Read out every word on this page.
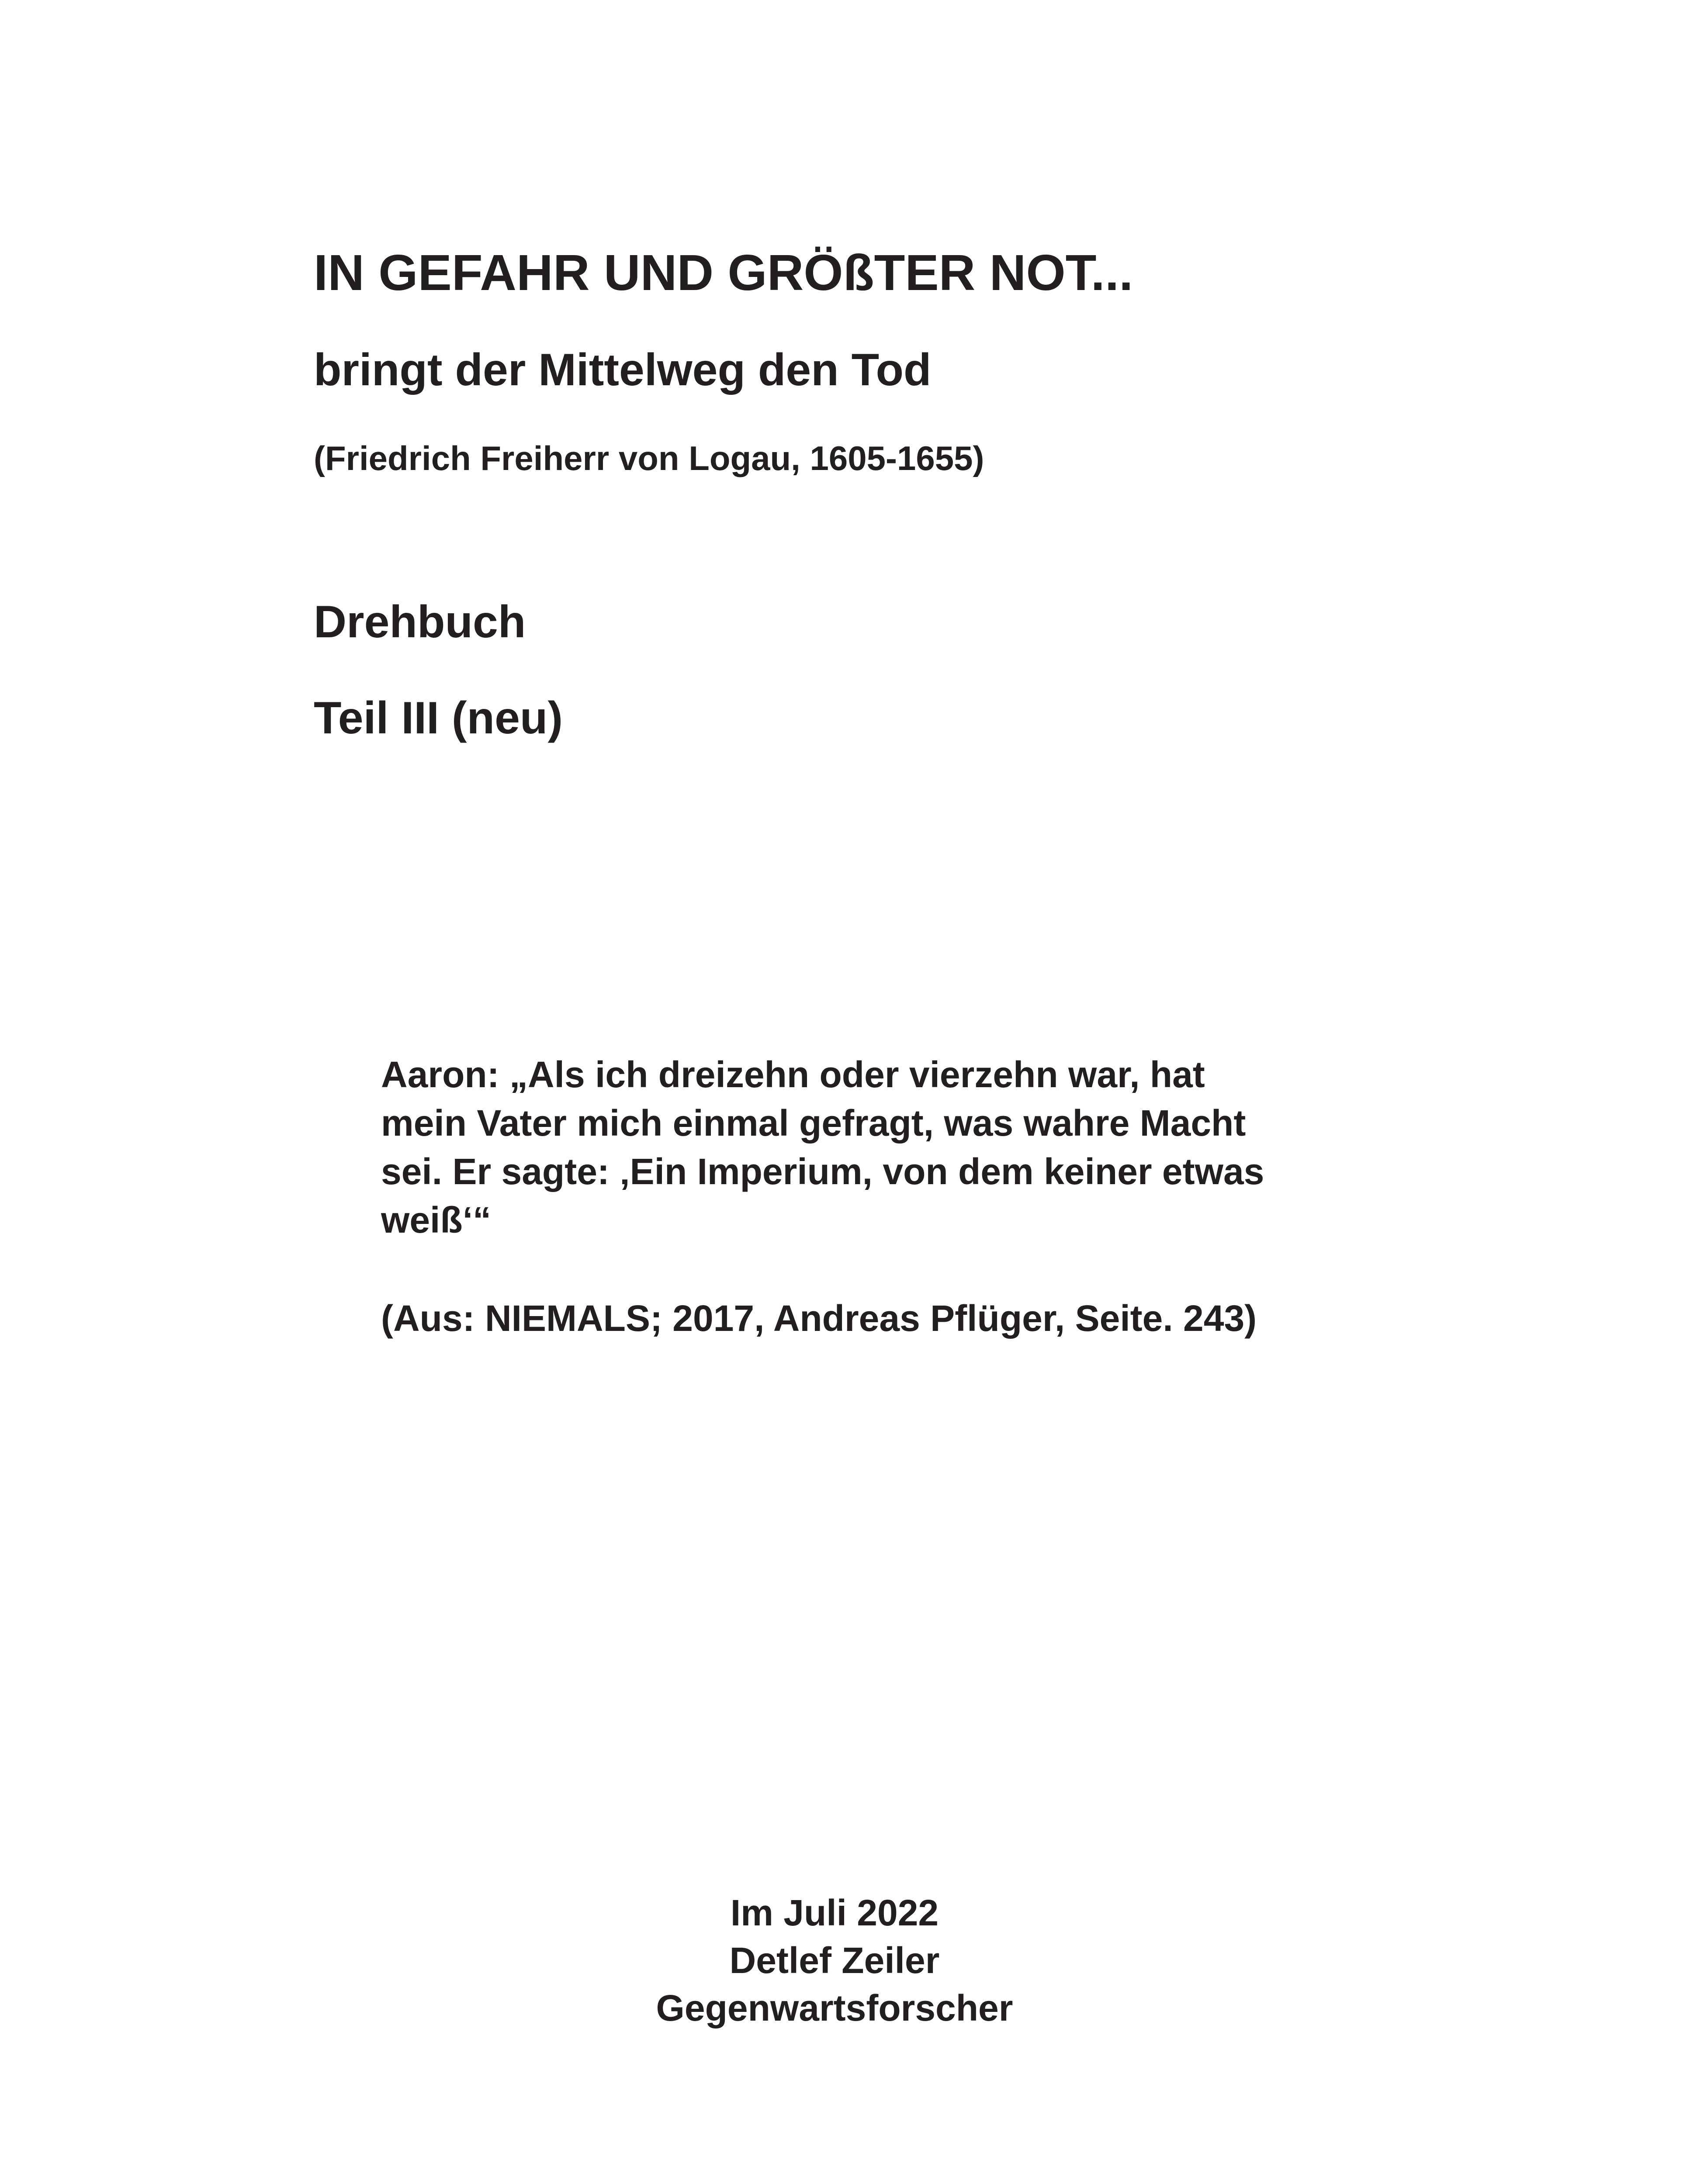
IN GEFAHR UND GRÖßTER NOT...
bringt der Mittelweg den Tod

(Friedrich Freiherr von Logau, 1605-1655)

Drehbuch
Teil III (neu)

Aaron: „Als ich dreizehn oder vierzehn war, hat mein Vater mich einmal gefragt, was wahre Macht sei. Er sagte: ‚Ein Imperium, von dem keiner etwas weiß‘“

(Aus: NIEMALS; 2017, Andreas Pflüger, Seite. 243)

Im Juli 2022
Detlef Zeiler
Gegenwartsforscher
